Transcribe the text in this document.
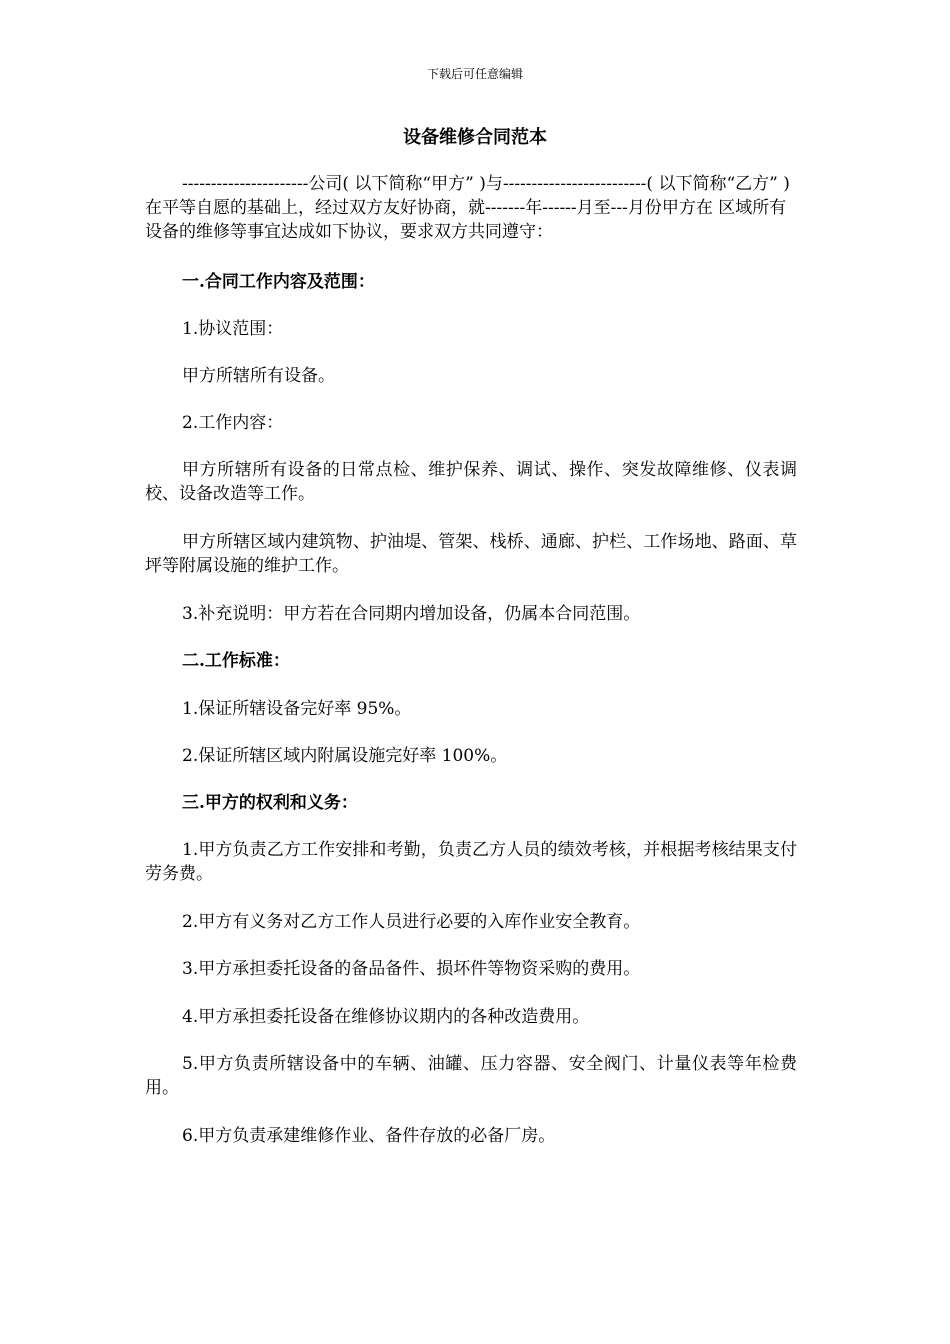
下载后可任意编辑
设备维修合同范本

----------------------公司( 以下简称“甲方” )与-------------------------( 以下简称“乙方” )在平等自愿的基础上，经过双方友好协商，就-------年------月至---月份甲方在 区域所有设备的维修等事宜达成如下协议，要求双方共同遵守：

一.合同工作内容及范围：

1.协议范围：

甲方所辖所有设备。

2.工作内容：

甲方所辖所有设备的日常点检、维护保养、调试、操作、突发故障维修、仪表调校、设备改造等工作。

甲方所辖区域内建筑物、护油堤、管架、栈桥、通廊、护栏、工作场地、路面、草坪等附属设施的维护工作。

3.补充说明：甲方若在合同期内增加设备，仍属本合同范围。

二.工作标准：

1.保证所辖设备完好率 95%。

2.保证所辖区域内附属设施完好率 100%。

三.甲方的权利和义务：

1.甲方负责乙方工作安排和考勤，负责乙方人员的绩效考核，并根据考核结果支付劳务费。

2.甲方有义务对乙方工作人员进行必要的入库作业安全教育。

3.甲方承担委托设备的备品备件、损坏件等物资采购的费用。

4.甲方承担委托设备在维修协议期内的各种改造费用。

5.甲方负责所辖设备中的车辆、油罐、压力容器、安全阀门、计量仪表等年检费用。

6.甲方负责承建维修作业、备件存放的必备厂房。
